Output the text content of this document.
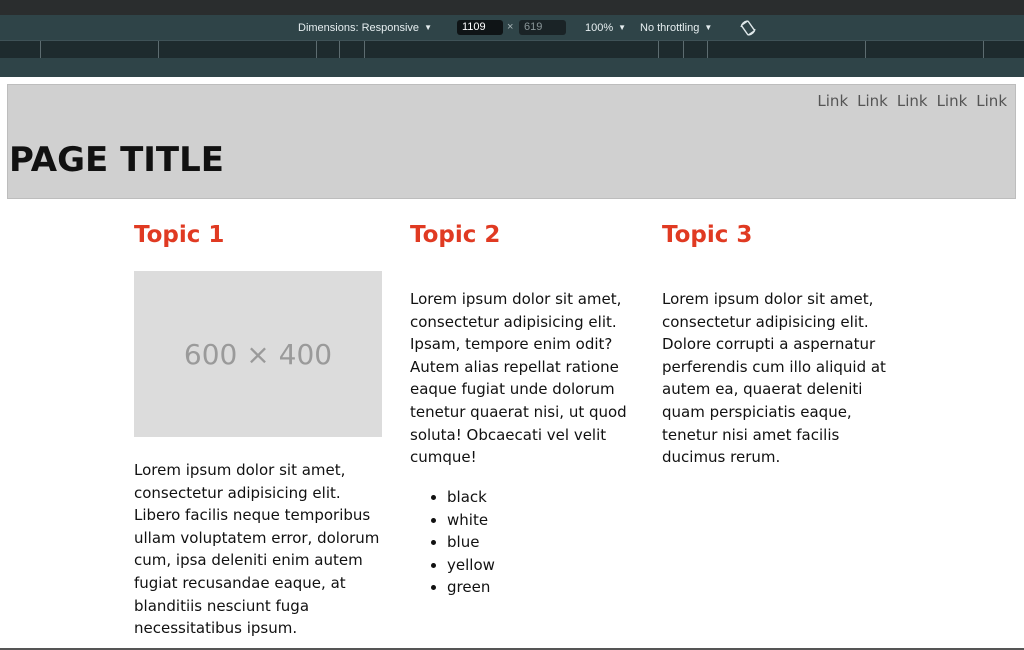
Dimensions: Responsive ▼	1109	× 619	100% ▼ No throttling ▼
Link Link Link Link Link
PAGE TITLE
Topic 1

Lorem ipsum dolor sit amet, consectetur adipisicing elit. Libero facilis neque temporibus ullam voluptatem error, dolorum cum, ipsa deleniti enim autem fugiat recusandae eaque, at blanditiis nesciunt fuga necessitatibus ipsum.

600 × 400
Topic 2

Lorem ipsum dolor sit amet, consectetur adipisicing elit. Ipsam, tempore enim odit? Autem alias repellat ratione eaque fugiat unde dolorum tenetur quaerat nisi, ut quod soluta! Obcaecati vel velit cumque!

• black
• white
• blue
• yellow
• green
Topic 3

Lorem ipsum dolor sit amet, consectetur adipisicing elit. Dolore corrupti a aspernatur perferendis cum illo aliquid at autem ea, quaerat deleniti quam perspiciatis eaque, tenetur nisi amet facilis ducimus rerum.
